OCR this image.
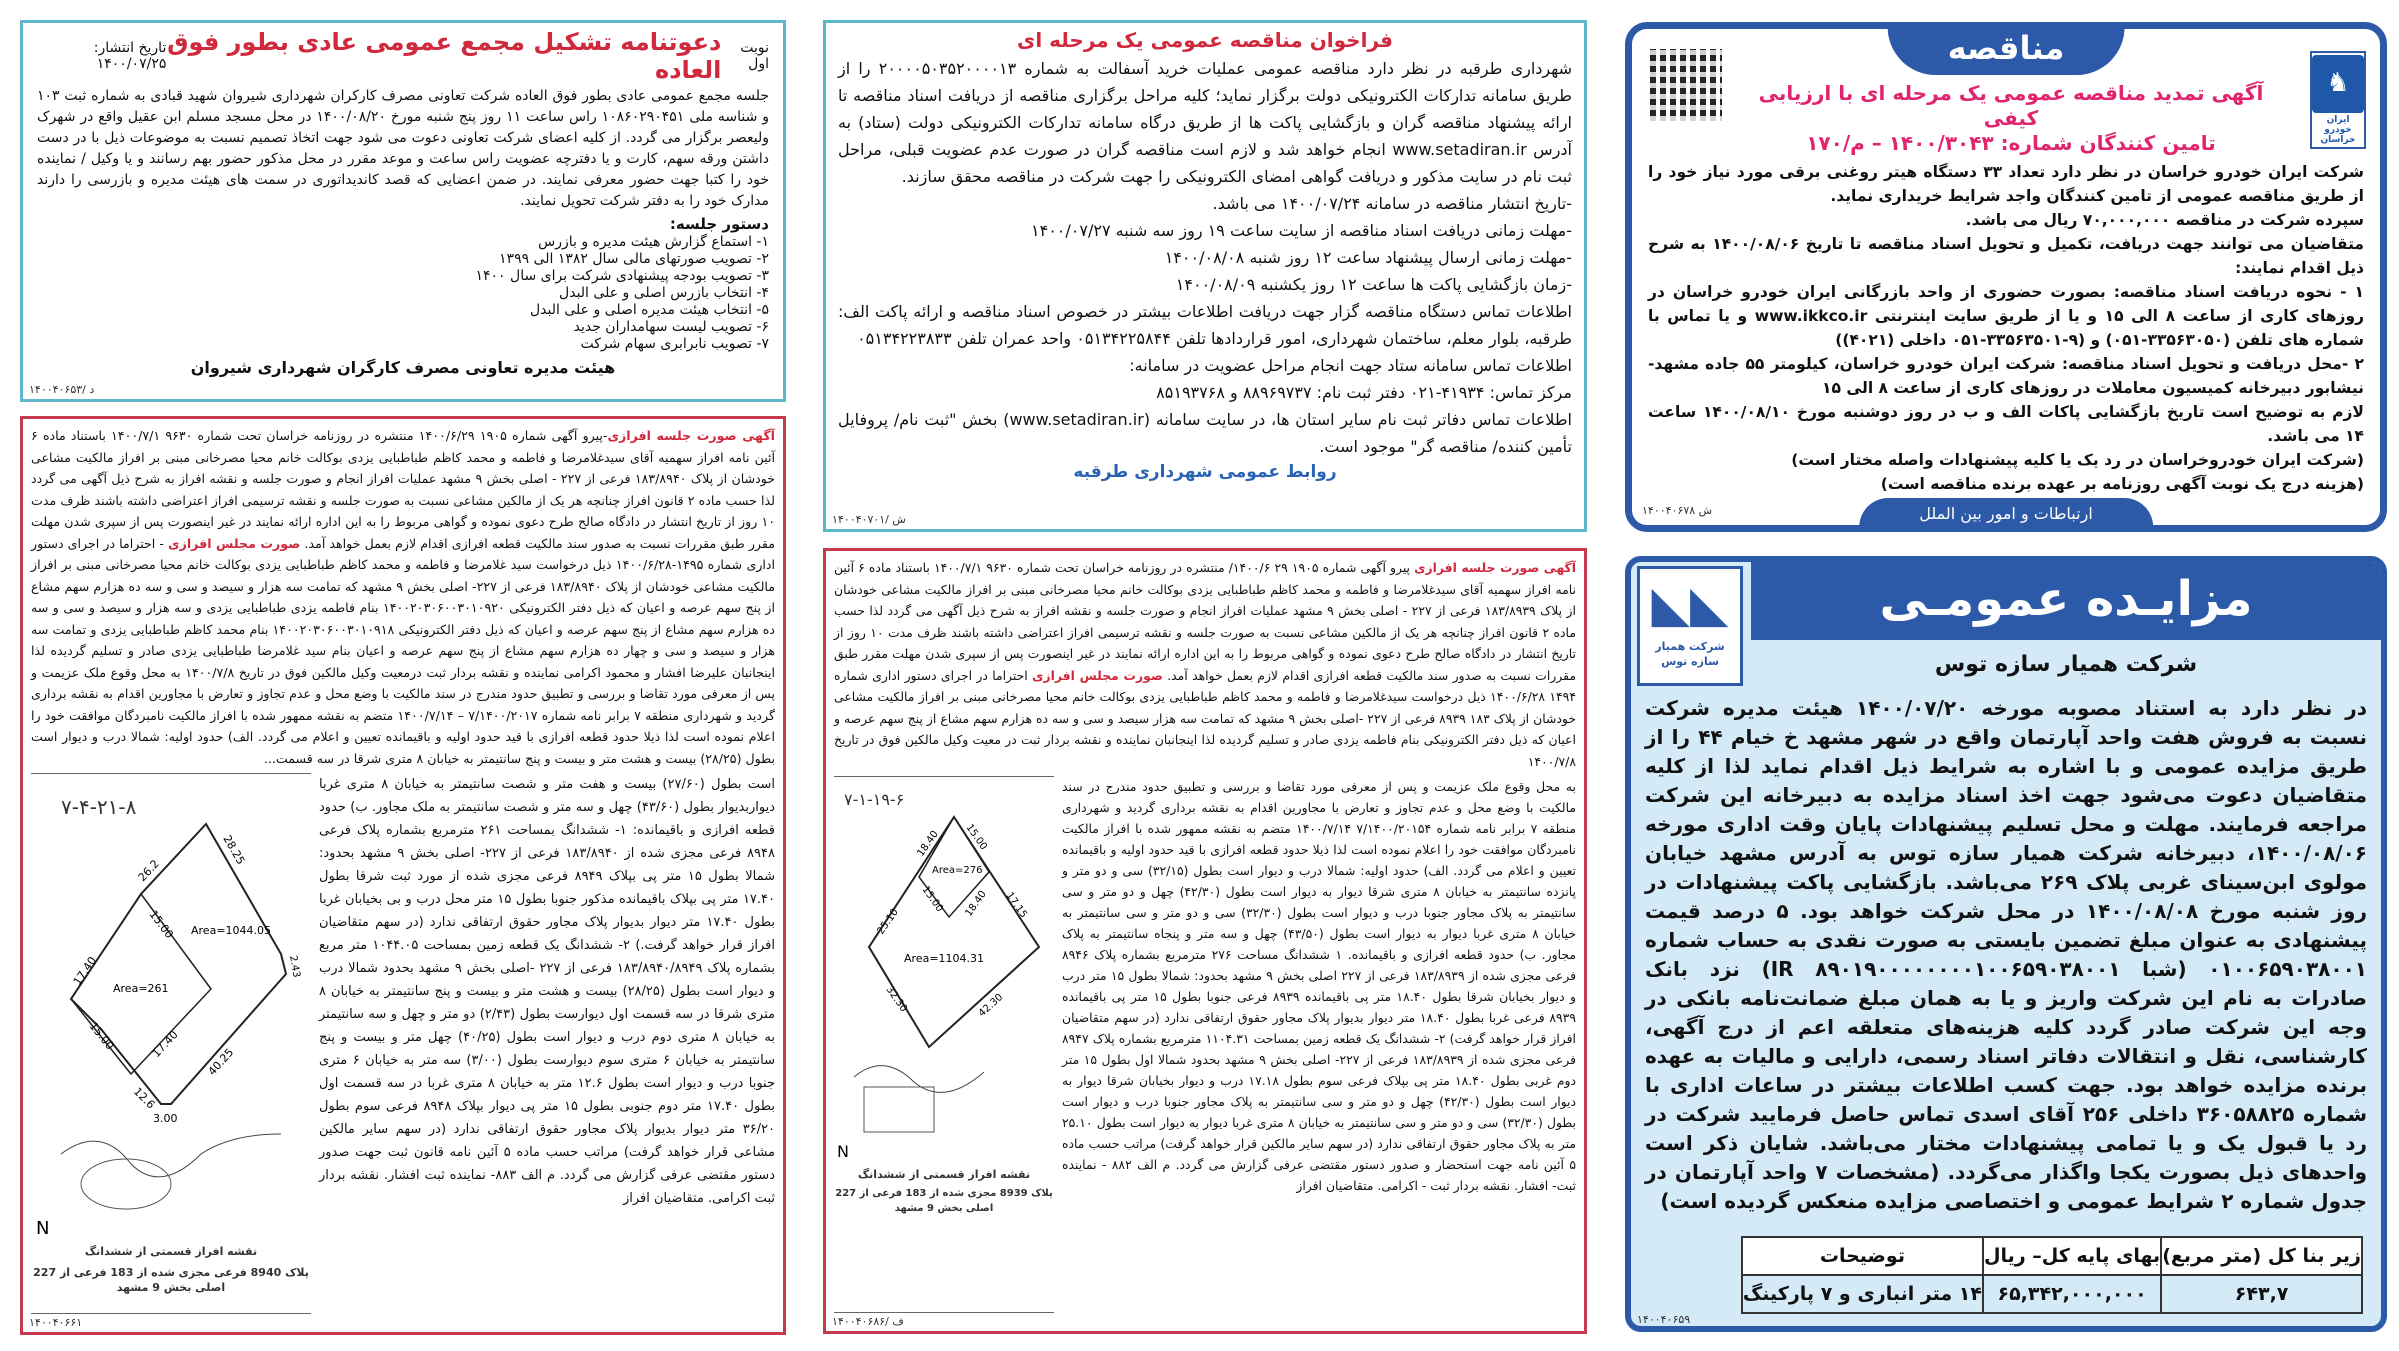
نوبت اول
دعوتنامه تشکیل مجمع عمومی عادی بطور فوق العاده
تاریخ انتشار: ۱۴۰۰/۰۷/۲۵

جلسه مجمع عمومی عادی بطور فوق العاده شرکت تعاونی مصرف کارکران شهرداری شیروان شهید قبادی به شماره ثبت ۱۰۳ و شناسه ملی ۱۰۸۶۰۲۹۰۴۵۱ راس ساعت ۱۱ روز پنج شنبه مورخ ۱۴۰۰/۰۸/۲۰ در محل مسجد مسلم ابن عقیل واقع در شهرک ولیعصر برگزار می گردد. از کلیه اعضای شرکت تعاونی دعوت می شود جهت اتخاذ تصمیم نسبت به موضوعات ذیل با در دست داشتن ورقه سهم، کارت و یا دفترچه عضویت راس ساعت و موعد مقرر در محل مذکور حضور بهم رسانند و یا وکیل / نماینده خود را کتبا جهت حضور معرفی نمایند. در ضمن اعضایی که قصد کاندیداتوری در سمت های هیئت مدیره و بازرسی را دارند مدارک خود را به دفتر شرکت تحویل نمایند.

دستور جلسه:
۱- استماع گزارش هیئت مدیره و بازرس
۲- تصویب صورتهای مالی سال ۱۳۸۲ الی ۱۳۹۹
۳- تصویب بودجه پیشنهادی شرکت برای سال ۱۴۰۰
۴- انتخاب بازرس اصلی و علی البدل
۵- انتخاب هیئت مدیره اصلی و علی البدل
۶- تصویب لیست سهامداران جدید
۷- تصویب نابرابری سهام شرکت
هیئت مدیره تعاونی مصرف کارگران شهرداری شیروان
۱۴۰۰۴۰۶۵۳/ د
فراخوان مناقصه عمومی یک مرحله ای

شهرداری طرقبه در نظر دارد مناقصه عمومی عملیات خرید آسفالت به شماره ۲۰۰۰۰۵۰۳۵۲۰۰۰۰۱۳ را از طریق سامانه تدارکات الکترونیکی دولت برگزار نماید؛ کلیه مراحل برگزاری مناقصه از دریافت اسناد مناقصه تا ارائه پیشنهاد مناقصه گران و بازگشایی پاکت ها از طریق درگاه سامانه تدارکات الکترونیکی دولت (ستاد) به آدرس www.setadiran.ir انجام خواهد شد و لازم است مناقصه گران در صورت عدم عضویت قبلی، مراحل ثبت نام در سایت مذکور و دریافت گواهی امضای الکترونیکی را جهت شرکت در مناقصه محقق سازند.

-تاریخ انتشار مناقصه در سامانه ۱۴۰۰/۰۷/۲۴ می باشد.

-مهلت زمانی دریافت اسناد مناقصه از سایت ساعت ۱۹ روز سه شنبه ۱۴۰۰/۰۷/۲۷

-مهلت زمانی ارسال پیشنهاد ساعت ۱۲ روز شنبه ۱۴۰۰/۰۸/۰۸

-زمان بازگشایی پاکت ها ساعت ۱۲ روز یکشنبه ۱۴۰۰/۰۸/۰۹

اطلاعات تماس دستگاه مناقصه گزار جهت دریافت اطلاعات بیشتر در خصوص اسناد مناقصه و ارائه پاکت الف: طرقبه، بلوار معلم، ساختمان شهرداری، امور قراردادها تلفن ۰۵۱۳۴۲۲۵۸۴۴ واحد عمران تلفن ۰۵۱۳۴۲۲۳۸۳۳

اطلاعات تماس سامانه ستاد جهت انجام مراحل عضویت در سامانه:

مرکز تماس: ۴۱۹۳۴-۰۲۱ دفتر ثبت نام: ۸۸۹۶۹۷۳۷ و ۸۵۱۹۳۷۶۸

اطلاعات تماس دفاتر ثبت نام سایر استان ها، در سایت سامانه (www.setadiran.ir) بخش "ثبت نام/ پروفایل تأمین کننده/ مناقصه گر" موجود است.

روابط عمومی شهرداری طرقبه
۱۴۰۰۴۰۷۰۱/ ش
مناقصه
♞
ایران خودرو خراسان
آگهی تمدید مناقصه عمومی یک مرحله ای با ارزیابی کیفی
تامین کنندگان شماره: ۱۴۰۰/۳۰۴۳ – م/۱۷۰

شرکت ایران خودرو خراسان در نظر دارد تعداد ۳۳ دستگاه هیتر روغنی برقی مورد نیاز خود را از طریق مناقصه عمومی از تامین کنندگان واجد شرایط خریداری نماید.

سپرده شرکت در مناقصه ۷۰,۰۰۰,۰۰۰ ریال می باشد.

متقاضیان می توانند جهت دریافت، تکمیل و تحویل اسناد مناقصه تا تاریخ ۱۴۰۰/۰۸/۰۶ به شرح ذیل اقدام نمایند:

۱ - نحوه دریافت اسناد مناقصه: بصورت حضوری از واحد بازرگانی ایران خودرو خراسان در روزهای کاری از ساعت ۸ الی ۱۵ و یا از طریق سایت اینترنتی www.ikkco.ir و یا تماس با شماره های تلفن (۳۳۵۶۳۰۵۰-۰۵۱) و (۹-۳۳۵۶۳۵۰۱-۰۵۱ داخلی (۴۰۲۱))

۲ -محل دریافت و تحویل اسناد مناقصه: شرکت ایران خودرو خراسان، کیلومتر ۵۵ جاده مشهد-نیشابور دبیرخانه کمیسیون معاملات در روزهای کاری از ساعت ۸ الی ۱۵

لازم به توضیح است تاریخ بازگشایی پاکات الف و ب در روز دوشنبه مورخ ۱۴۰۰/۰۸/۱۰ ساعت ۱۴ می باشد.

(شرکت ایران خودروخراسان در رد یک یا کلیه پیشنهادات واصله مختار است)

(هزینه درج یک نوبت آگهی روزنامه بر عهده برنده مناقصه است)

ارتباطات و امور بین الملل
۱۴۰۰۴۰۶۷۸ ش
مزایـده عمومـی
◣◣
شرکت همیار سازه توس	شرکت همیار سازه توس

در نظر دارد به استناد مصوبه مورخه ۱۴۰۰/۰۷/۲۰ هیئت مدیره شرکت نسبت به فروش هفت واحد آپارتمان واقع در شهر مشهد خ خیام ۴۴ را از طریق مزایده عمومی و با اشاره به شرایط ذیل اقدام نماید لذا از کلیه متقاضیان دعوت می‌شود جهت اخذ اسناد مزایده به دبیرخانه این شرکت مراجعه فرمایند. مهلت و محل تسلیم پیشنهادات پایان وقت اداری مورخه ۱۴۰۰/۰۸/۰۶، دبیرخانه شرکت همیار سازه توس به آدرس مشهد خیابان مولوی ابن‌سینای غربی پلاک ۲۶۹ می‌باشد. بازگشایی پاکت پیشنهادات در روز شنبه مورخ ۱۴۰۰/۰۸/۰۸ در محل شرکت خواهد بود. ۵ درصد قیمت پیشنهادی به عنوان مبلغ تضمین بایستی به صورت نقدی به حساب شماره ۰۱۰۰۶۵۹۰۳۸۰۰۱ (شبا IR ۸۹۰۱۹۰۰۰۰۰۰۰۰۱۰۰۶۵۹۰۳۸۰۰۱) نزد بانک صادرات به نام این شرکت واریز و یا به همان مبلغ ضمانت‌نامه بانکی در وجه این شرکت صادر گردد کلیه هزینه‌های متعلقه اعم از درج آگهی، کارشناسی، نقل و انتقالات دفاتر اسناد رسمی، دارایی و مالیات به عهده برنده مزایده خواهد بود. جهت کسب اطلاعات بیشتر در ساعات اداری با شماره ۳۶۰۵۸۸۲۵ داخلی ۲۵۶ آقای اسدی تماس حاصل فرمایید شرکت در رد یا قبول یک و یا تمامی پیشنهادات مختار می‌باشد. شایان ذکر است واحدهای ذیل بصورت یکجا واگذار می‌گردد. (مشخصات ۷ واحد آپارتمان در جدول شماره ۲ شرایط عمومی و اختصاصی مزایده منعکس گردیده است)

زیر بنا کل (متر مربع)	بهای پایه کل– ریال	توضیحات
۶۴۳,۷	۶۵,۳۴۲,۰۰۰,۰۰۰	۱۴ متر انباری و ۷ پارکینگ
۱۴۰۰۴۰۶۵۹
آگهی صورت جلسه افرازی-پیرو آگهی شماره ۱۹۰۵ ۱۴۰۰/۶/۲۹ منتشره در روزنامه خراسان تحت شماره ۹۶۳۰ ۱۴۰۰/۷/۱ باستناد ماده ۶ آئین نامه افراز سهمیه آقای سیدغلامرضا و فاطمه و محمد کاظم طباطبایی یزدی بوکالت خانم محیا مصرخانی مبنی بر افراز مالکیت مشاعی خودشان از پلاک ۱۸۳/۸۹۴۰ فرعی از ۲۲۷ - اصلی بخش ۹ مشهد عملیات افراز انجام و صورت جلسه و نقشه افراز به شرح ذیل آگهی می گردد لذا حسب ماده ۲ قانون افراز چنانچه هر یک از مالکین مشاعی نسبت به صورت جلسه و نقشه ترسیمی افراز اعتراضی داشته باشند ظرف مدت ۱۰ روز از تاریخ انتشار در دادگاه صالح طرح دعوی نموده و گواهی مربوط را به این اداره ارائه نمایند در غیر اینصورت پس از سپری شدن مهلت مقرر طبق مقررات نسبت به صدور سند مالکیت قطعه افرازی اقدام لازم بعمل خواهد آمد. صورت مجلس افرازی - احتراما در اجرای دستور اداری شماره ۱۴۹۵-۱۴۰۰/۶/۲۸ ذیل درخواست سید غلامرضا و فاطمه و محمد کاظم طباطبایی یزدی بوکالت خانم محیا مصرخانی مبنی بر افراز مالکیت مشاعی خودشان از پلاک ۱۸۳/۸۹۴۰ فرعی از ۲۲۷- اصلی بخش ۹ مشهد که تمامت سه هزار و سیصد و سی و سه ده هزارم سهم مشاع از پنج سهم عرصه و اعیان که ذیل دفتر الکترونیکی ۱۴۰۰۲۰۳۰۶۰۰۳۰۱۰۹۲۰ بنام فاطمه یزدی طباطبایی یزدی و سه هزار و سیصد و سی و سه ده هزارم سهم مشاع از پنج سهم عرصه و اعیان که ذیل دفتر الکترونیکی ۱۴۰۰۲۰۳۰۶۰۰۳۰۱۰۹۱۸ بنام محمد کاظم طباطبایی یزدی و تمامت سه هزار و سیصد و سی و چهار ده هزارم سهم مشاع از پنج سهم عرصه و اعیان بنام سید غلامرضا طباطبایی یزدی صادر و تسلیم گردیده لذا اینجانبان علیرضا افشار و محمود اکرامی نماینده و نقشه بردار ثبت درمعیت وکیل مالکین فوق در تاریخ ۱۴۰۰/۷/۸ به محل وقوع ملک عزیمت و پس از معرفی مورد تقاضا و بررسی و تطبیق حدود مندرج در سند مالکیت با وضع محل و عدم تجاوز و تعارض با مجاورین اقدام به نقشه برداری گردید و شهرداری منطقه ۷ برابر نامه شماره ۷/۱۴۰۰/۲۰۱۷ – ۱۴۰۰/۷/۱۴ متضم به نقشه ممهور شده با افراز مالکیت نامبردگان موافقت خود را اعلام نموده است لذا ذیلا حدود قطعه افرازی با قید حدود اولیه و باقیمانده تعیین و اعلام می گردد. الف) حدود اولیه: شمالا درب و دیوار است بطول (۲۸/۲۵) بیست و هشت متر و بیست و پنج سانتیمتر به خیابان ۸ متری شرقا در سه قسمت...
است بطول (۲۷/۶۰) بیست و هفت متر و شصت سانتیمتر به خیابان ۸ متری غربا دیواربدیوار بطول (۴۳/۶۰) چهل و سه متر و شصت سانتیمتر به ملک مجاور. ب) حدود قطعه افرازی و باقیمانده: ۱- ششدانگ بمساحت ۲۶۱ مترمربع بشماره پلاک فرعی ۸۹۴۸ فرعی مجزی شده از ۱۸۳/۸۹۴۰ فرعی از ۲۲۷- اصلی بخش ۹ مشهد بحدود: شمالا بطول ۱۵ متر پی بپلاک ۸۹۴۹ فرعی مجزی شده از مورد ثبت شرقا بطول ۱۷.۴۰ متر پی بپلاک باقیمانده مذکور جنوبا بطول ۱۵ متر محل درب و بی بخیابان غربا بطول ۱۷.۴۰ متر دیوار بدیوار پلاک مجاور حقوق ارتفاقی ندارد (در سهم متقاضیان افراز قرار خواهد گرفت.) ۲- ششدانگ یک قطعه زمین بمساحت ۱۰۴۴.۰۵ متر مربع بشماره پلاک ۱۸۳/۸۹۴۰/۸۹۴۹ فرعی از ۲۲۷ -اصلی بخش ۹ مشهد بحدود شمالا درب و دیوار است بطول (۲۸/۲۵) بیست و هشت متر و بیست و پنج سانتیمتر به خیابان ۸ متری شرقا در سه قسمت اول دیوارست بطول (۲/۴۳) دو متر و چهل و سه سانتیمتر به خیابان ۸ متری دوم درب و دیوار است بطول (۴۰/۲۵) چهل متر و بیست و پنج سانتیمتر به خیابان ۶ متری سوم دیوارست بطول (۳/۰۰) سه متر به خیابان ۶ متری جنوبا درب و دیوار است بطول ۱۲.۶ متر به خیابان ۸ متری غربا در سه قسمت اول بطول ۱۷.۴۰ متر دوم جنوبی بطول ۱۵ متر پی دیوار بپلاک ۸۹۴۸ فرعی سوم بطول ۳۶/۲۰ متر دیوار بدیوار پلاک مجاور حقوق ارتفاقی ندارد (در سهم سایر مالکین مشاعی قرار خواهد گرفت) مراتب حسب ماده ۵ آئین نامه قانون ثبت جهت صدور دستور مقتضی عرفی گزارش می گردد. م الف ۸۸۳- نماینده ثبت افشار. نقشه بردار ثبت اکرامی. متقاضیان افراز
۷-۴-۲۱-۸
Area=1044.05
Area=261
26.2
28.25
2.43
40.25
3.00
12.6
15.00
17.40
15.00	17.40
N
نقشه افراز قسمتی از ششدانگ
پلاک 8940 فرعی مجزی شده از 183 فرعی از 227 اصلی بخش 9 مشهد
۱۴۰۰۴۰۶۶۱
آگهی صورت جلسه افرازی پیرو آگهی شماره ۱۹۰۵ ۲۹ ۱۴۰۰/۶/ منتشره در روزنامه خراسان تحت شماره ۹۶۳۰ ۱۴۰۰/۷/۱ باستناد ماده ۶ آئین نامه افراز سهمیه آقای سیدغلامرضا و فاطمه و محمد کاظم طباطبایی یزدی بوکالت خانم محیا مصرخانی مبنی بر افراز مالکیت مشاعی خودشان از پلاک ۱۸۳/۸۹۳۹ فرعی از ۲۲۷ - اصلی بخش ۹ مشهد عملیات افراز انجام و صورت جلسه و نقشه افراز به شرح ذیل آگهی می گردد لذا حسب ماده ۲ قانون افراز چنانچه هر یک از مالکین مشاعی نسبت به صورت جلسه و نقشه ترسیمی افراز اعتراضی داشته باشند ظرف مدت ۱۰ روز از تاریخ انتشار در دادگاه صالح طرح دعوی نموده و گواهی مربوط را به این اداره ارائه نمایند در غیر اینصورت پس از سپری شدن مهلت مقرر طبق مقررات نسبت به صدور سند مالکیت قطعه افرازی اقدام لازم بعمل خواهد آمد. صورت مجلس افرازی احتراما در اجرای دستور اداری شماره ۱۴۹۴ ۱۴۰۰/۶/۲۸ ذیل درخواست سیدغلامرضا و فاطمه و محمد کاظم طباطبایی یزدی بوکالت خانم محیا مصرخانی مبنی بر افراز مالکیت مشاعی خودشان از پلاک ۱۸۳ ۸۹۳۹ فرعی از ۲۲۷ -اصلی بخش ۹ مشهد که تمامت سه هزار سیصد و سی و سه ده هزارم سهم مشاع از پنج سهم عرصه و اعیان که ذیل دفتر الکترونیکی بنام فاطمه یزدی صادر و تسلیم گردیده لذا اینجانبان نماینده و نقشه بردار ثبت در معیت وکیل مالکین فوق در تاریخ ۱۴۰۰/۷/۸
به محل وقوع ملک عزیمت و پس از معرفی مورد تقاضا و بررسی و تطبیق حدود مندرج در سند مالکیت با وضع محل و عدم تجاوز و تعارض با مجاورین اقدام به نقشه برداری گردید و شهرداری منطقه ۷ برابر نامه شماره ۷/۱۴۰۰/۲۰۱۵۴ ۱۴۰۰/۷/۱۴ متضم به نقشه ممهور شده با افراز مالکیت نامبردگان موافقت خود را اعلام نموده است لذا ذیلا حدود قطعه افرازی با قید حدود اولیه و باقیمانده تعیین و اعلام می گردد. الف) حدود اولیه: شمالا درب و دیوار است بطول (۳۲/۱۵) سی و دو متر و پانزده سانتیمتر به خیابان ۸ متری شرقا دیوار به دیوار است بطول (۴۲/۳۰) چهل و دو متر و سی سانتیمتر به پلاک مجاور جنوبا درب و دیوار است بطول (۳۲/۳۰) سی و دو متر و سی سانتیمتر به خیابان ۸ متری غربا دیوار به دیوار است بطول (۴۳/۵۰) چهل و سه متر و پنجاه سانتیمتر به پلاک مجاور. ب) حدود قطعه افرازی و باقیمانده. ۱ ششدانگ مساحت ۲۷۶ مترمربع بشماره پلاک ۸۹۴۶ فرعی مجزی شده از ۱۸۳/۸۹۳۹ فرعی از ۲۲۷ اصلی بخش ۹ مشهد بحدود: شمالا بطول ۱۵ متر درب و دیوار بخیابان شرقا بطول ۱۸.۴۰ متر پی باقیمانده ۸۹۳۹ فرعی جنوبا بطول ۱۵ متر پی باقیمانده ۸۹۳۹ فرعی غربا بطول ۱۸.۴۰ متر دیوار بدیوار پلاک مجاور حقوق ارتفاقی ندارد (در سهم متقاضیان افراز قرار خواهد گرفت) ۲- ششدانگ یک قطعه زمین بمساحت ۱۱۰۴.۳۱ مترمربع بشماره پلاک ۸۹۴۷ فرعی مجزی شده از ۱۸۳/۸۹۳۹ فرعی از ۲۲۷- اصلی بخش ۹ مشهد بحدود شمالا اول بطول ۱۵ متر دوم غربی بطول ۱۸.۴۰ متر پی بپلاک فرعی سوم بطول ۱۷.۱۸ درب و دیوار بخیابان شرقا دیوار به دیوار است بطول (۴۲/۳۰) چهل و دو متر و سی سانتیمتر به پلاک مجاور جنوبا درب و دیوار است بطول (۳۲/۳۰) سی و دو متر و سی سانتیمتر به خیابان ۸ متری غربا دیوار به دیوار است بطول ۲۵.۱۰ متر به پلاک مجاور حقوق ارتفاقی ندارد (در سهم سایر مالکین قرار خواهد گرفت) مراتب حسب ماده ۵ آئین نامه جهت استحضار و صدور دستور مقتضی عرفی گزارش می گردد. م الف ۸۸۲ - نماینده ثبت- افشار. نقشه بردار ثبت - اکرامی. متقاضیان افراز
۷-۱-۱۹-۶
Area=1104.31
Area=276
18.40 15.00
17.15
15.00 18.40
25.10
42.30
32.30
N
نقشه افراز قسمتی از ششدانگ
پلاک 8939 مجزی شده از 183 فرعی از 227 اصلی بخش 9 مشهد
۱۴۰۰۴۰۶۸۶/ ف
